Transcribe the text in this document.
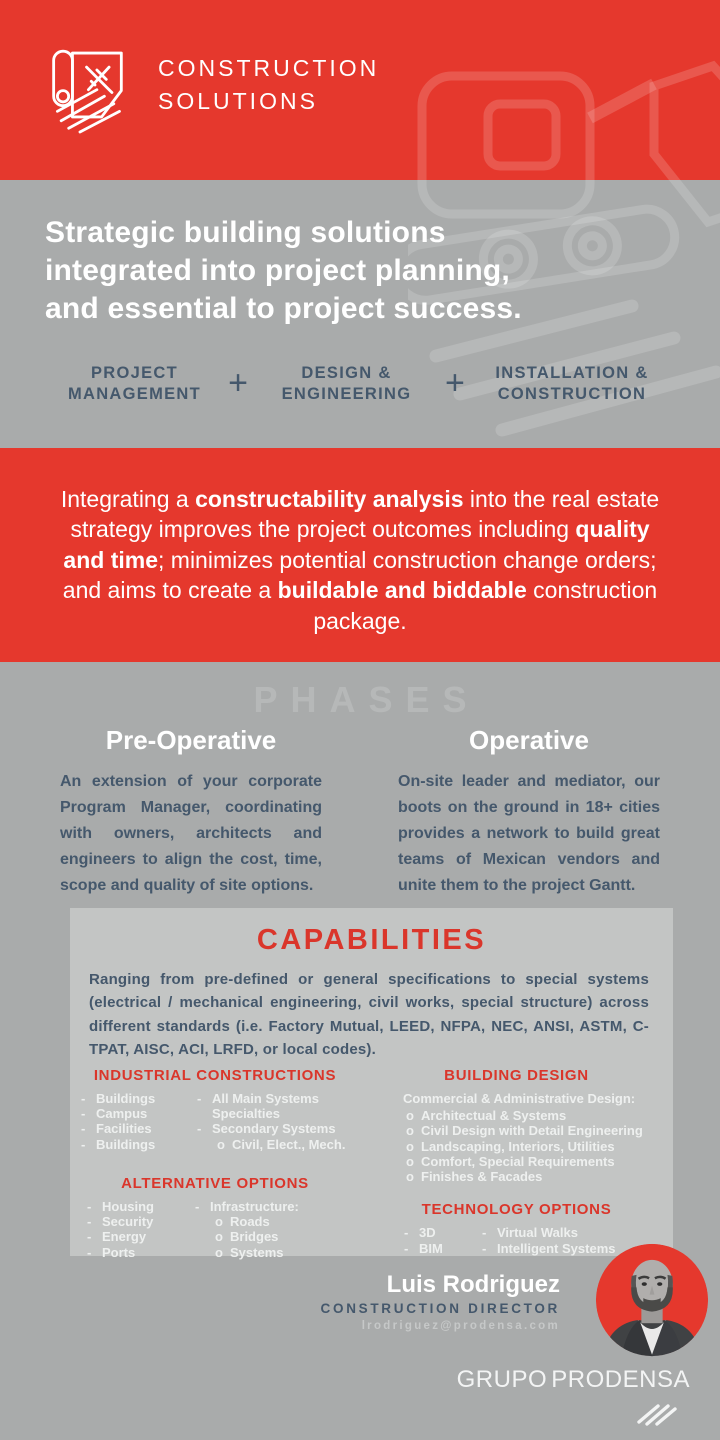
CONSTRUCTION
SOLUTIONS
Strategic building solutions
integrated into project planning,
and essential to project success.
PROJECT MANAGEMENT +	DESIGN & ENGINEERING +	INSTALLATION & CONSTRUCTION

Integrating a constructability analysis into the real estate strategy improves the project outcomes including quality and time; minimizes potential construction change orders; and aims to create a buildable and biddable construction package.

PHASES
Pre-Operative

An extension of your corporate Program Manager, coordinating with owners, architects and engineers to align the cost, time, scope and quality of site options.

Operative

On-site leader and mediator, our boots on the ground in 18+ cities provides a network to build great teams of Mexican vendors and unite them to the project Gantt.

CAPABILITIES

Ranging from pre-defined or general specifications to special systems (electrical / mechanical engineering, civil works, special structure) across different standards (i.e. Factory Mutual, LEED, NFPA, NEC, ANSI, ASTM, C-TPAT, AISC, ACI, LRFD, or local codes).

INDUSTRIAL CONSTRUCTIONS
- Buildings
- Campus
- Facilities
- Buildings
- All Main Systems Specialties
- Secondary Systems
o Civil, Elect., Mech.
ALTERNATIVE OPTIONS
- Housing
- Security
- Energy
- Ports
- Infrastructure:
o Roads
o Bridges
o Systems
BUILDING DESIGN

Commercial & Administrative Design:

o Architectual & Systems
o Civil Design with Detail Engineering
o Landscaping, Interiors, Utilities
o Comfort, Special Requirements
o Finishes & Facades
TECHNOLOGY OPTIONS
- 3D
- BIM
- Virtual Walks
- Intelligent Systems
Luis Rodriguez
CONSTRUCTION DIRECTOR
lrodriguez@prodensa.com
GRUPO PRODENSA
